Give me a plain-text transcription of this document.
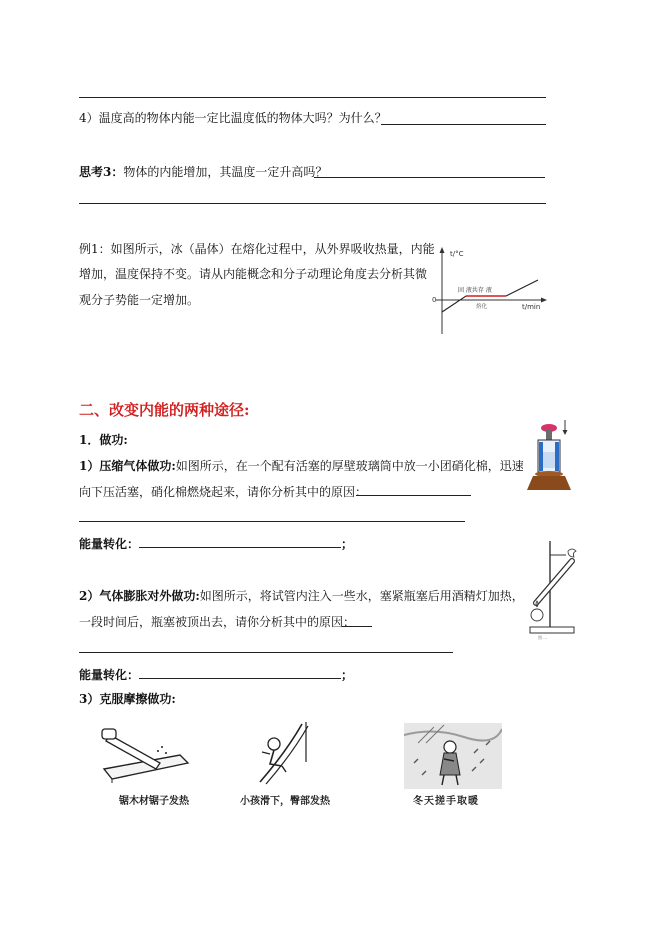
4）温度高的物体内能一定比温度低的物体大吗？为什么？
思考3：物体的内能增加，其温度一定升高吗？
例1：如图所示，冰（晶体）在熔化过程中，从外界吸收热量，内能
增加，温度保持不变。请从内能概念和分子动理论角度去分析其微
观分子势能一定增加。
t/°C
t/min
0
固 液共存 液
熔化
二、改变内能的两种途径:
1．做功:
1）压缩气体做功:如图所示，在一个配有活塞的厚壁玻璃筒中放一小团硝化棉，迅速
向下压活塞，硝化棉燃烧起来，请你分析其中的原因：
能量转化：	；
图 ...
2）气体膨胀对外做功:如图所示，将试管内注入一些水，塞紧瓶塞后用酒精灯加热，
一段时间后，瓶塞被顶出去，请你分析其中的原因：
能量转化：	；
3）克服摩擦做功:
锯木材锯子发热	小孩滑下，臀部发热	冬天搓手取暖
